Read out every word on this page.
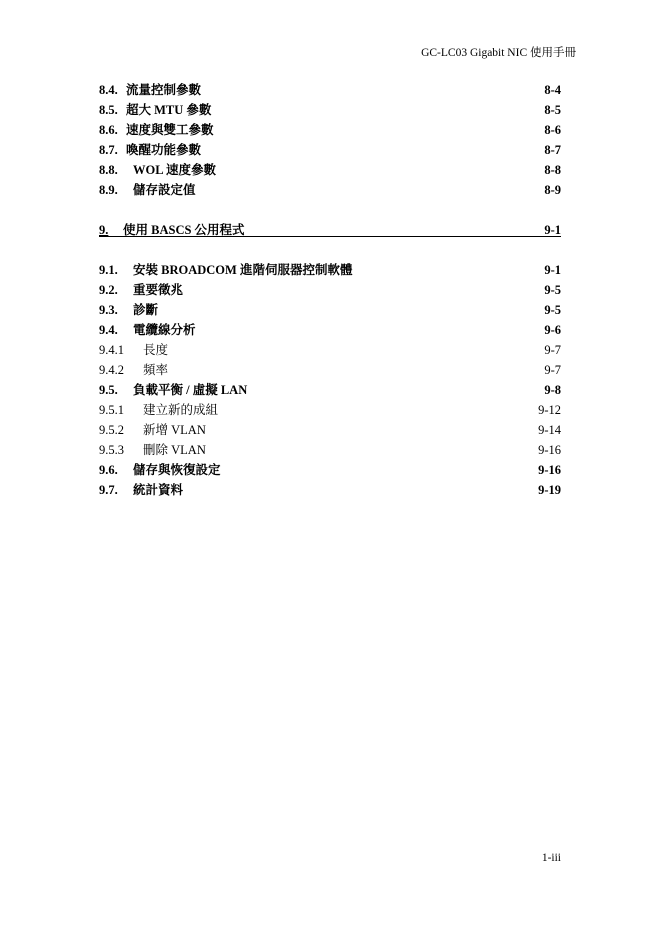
GC-LC03 Gigabit NIC 使用手冊
8.4. 流量控制參數	8-4
8.5. 超大 MTU 參數	8-5
8.6. 速度與雙工參數	8-6
8.7. 喚醒功能參數	8-7
8.8. WOL 速度參數	8-8
8.9. 儲存設定值	8-9
9. 使用 BASCS 公用程式	9-1
9.1. 安裝 BROADCOM 進階伺服器控制軟體	9-1
9.2. 重要徵兆	9-5
9.3. 診斷	9-5
9.4. 電纜線分析	9-6
9.4.1 長度	9-7
9.4.2 頻率	9-7
9.5. 負載平衡 / 虛擬 LAN	9-8
9.5.1 建立新的成組	9-12
9.5.2 新增 VLAN	9-14
9.5.3 刪除 VLAN	9-16
9.6. 儲存與恢復設定	9-16
9.7. 統計資料	9-19
1-iii
